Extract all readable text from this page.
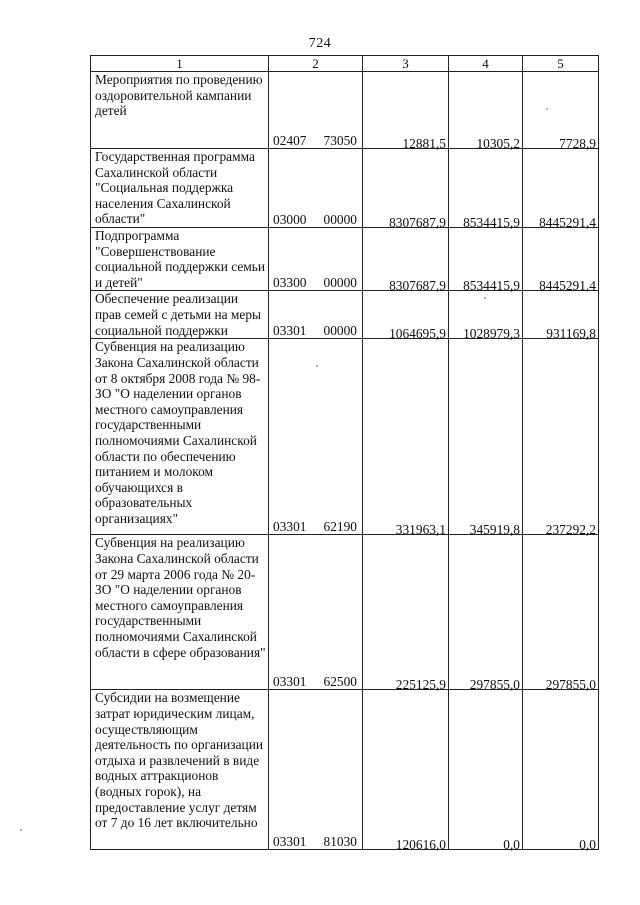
724
1	2	3	4	5
Мероприятия по проведению оздоровительной кампании детей	02407 73050	12881,5	10305,2	7728,9
Государственная программа Сахалинской области "Социальная поддержка населения Сахалинской области"	03000 00000	8307687,9	8534415,9	8445291,4
Подпрограмма "Совершенствование социальной поддержки семьи и детей"	03300 00000	8307687,9	8534415,9	8445291,4
Обеспечение реализации прав семей с детьми на меры социальной поддержки	03301 00000	1064695,9	1028979,3	931169,8
Субвенция на реализацию Закона Сахалинской области от 8 октября 2008 года № 98-ЗО "О наделении органов местного самоуправления государственными полномочиями Сахалинской области по обеспечению питанием и молоком обучающихся в образовательных организациях"	03301 62190	331963,1	345919,8	237292,2
Субвенция на реализацию Закона Сахалинской области от 29 марта 2006 года № 20-ЗО "О наделении органов местного самоуправления государственными полномочиями Сахалинской области в сфере образования"	03301 62500	225125,9	297855,0	297855,0
Субсидии на возмещение затрат юридическим лицам, осуществляющим деятельность по организации отдыха и развлечений в виде водных аттракционов (водных горок), на предоставление услуг детям от 7 до 16 лет включительно	03301 81030	120616,0	0,0	0,0
